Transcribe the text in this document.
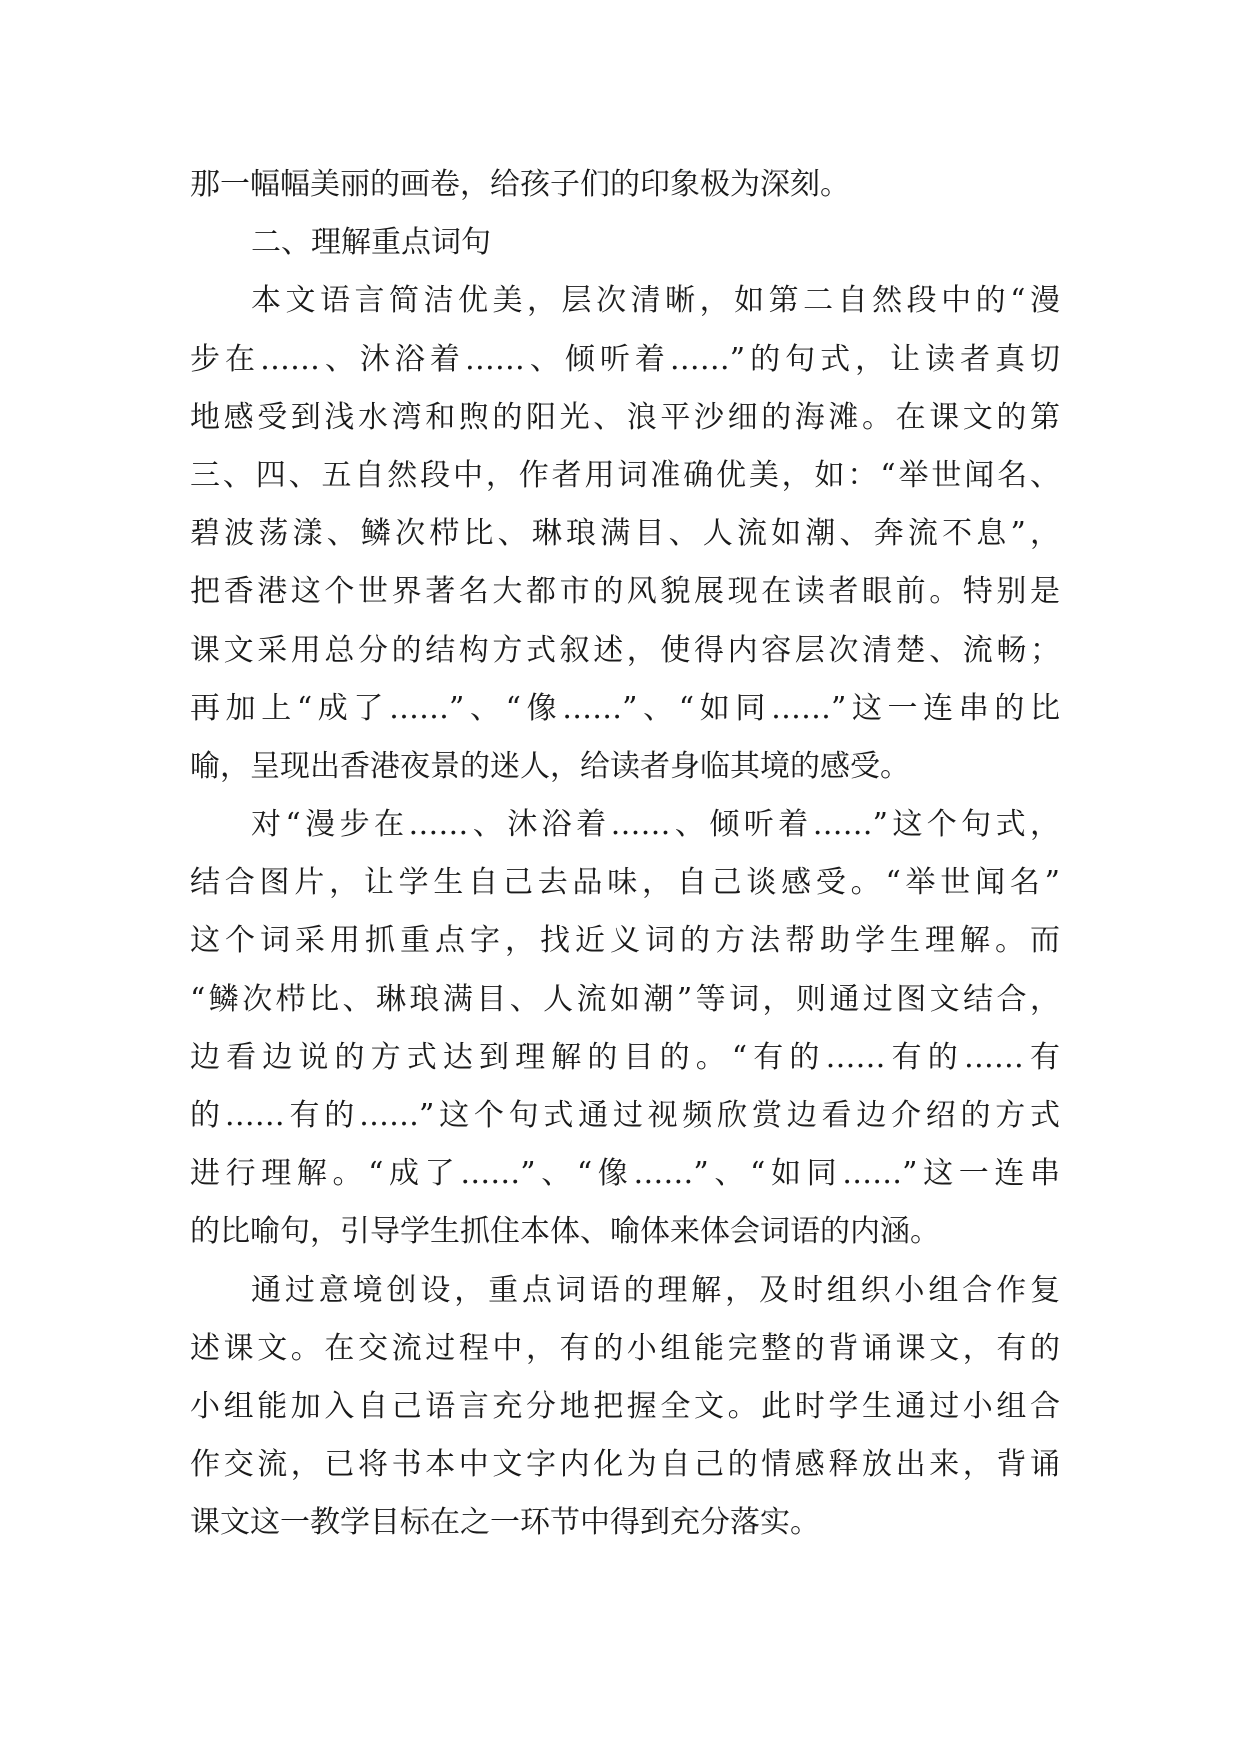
那一幅幅美丽的画卷，给孩子们的印象极为深刻。
二、理解重点词句
本文语言简洁优美，层次清晰，如第二自然段中的“漫
步在……、沐浴着……、倾听着……”的句式，让读者真切
地感受到浅水湾和煦的阳光、浪平沙细的海滩。在课文的第
三、四、五自然段中，作者用词准确优美，如：“举世闻名、
碧波荡漾、鳞次栉比、琳琅满目、人流如潮、奔流不息”，
把香港这个世界著名大都市的风貌展现在读者眼前。特别是
课文采用总分的结构方式叙述，使得内容层次清楚、流畅；
再加上“成了……”、“像……”、“如同……”这一连串的比
喻，呈现出香港夜景的迷人，给读者身临其境的感受。
对“漫步在……、沐浴着……、倾听着……”这个句式，
结合图片，让学生自己去品味，自己谈感受。“举世闻名”
这个词采用抓重点字，找近义词的方法帮助学生理解。而
“鳞次栉比、琳琅满目、人流如潮”等词，则通过图文结合，
边看边说的方式达到理解的目的。“有的……有的……有
的……有的……”这个句式通过视频欣赏边看边介绍的方式
进行理解。“成了……”、“像……”、“如同……”这一连串
的比喻句，引导学生抓住本体、喻体来体会词语的内涵。
通过意境创设，重点词语的理解，及时组织小组合作复
述课文。在交流过程中，有的小组能完整的背诵课文，有的
小组能加入自己语言充分地把握全文。此时学生通过小组合
作交流，已将书本中文字内化为自己的情感释放出来，背诵
课文这一教学目标在之一环节中得到充分落实。
